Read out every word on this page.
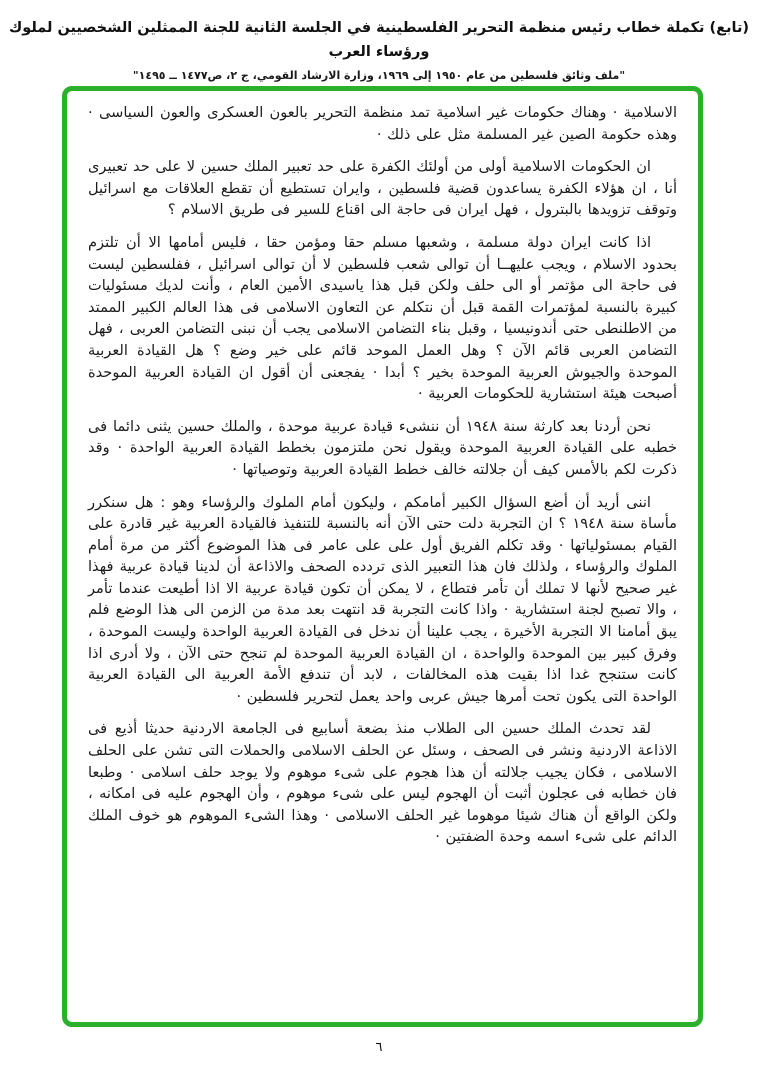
(تابع) تكملة خطاب رئيس منظمة التحرير الفلسطينية في الجلسة الثانية للجنة الممثلين الشخصيين لملوك ورؤساء العرب
"ملف وثائق فلسطين من عام ١٩٥٠ إلى ١٩٦٩، وزارة الارشاد القومي، ج ٢، ص١٤٧٧ ــ ١٤٩٥"

الاسلامية · وهناك حكومات غير اسلامية تمد منظمة التحرير بالعون العسكرى والعون السياسى · وهذه حكومة الصين غير المسلمة مثل على ذلك ·

ان الحكومات الاسلامية أولى من أولئك الكفرة على حد تعبير الملك حسين لا على حد تعبيرى أنا ، ان هؤلاء الكفرة يساعدون قضية فلسطين ، وايران تستطيع أن تقطع العلاقات مع اسرائيل وتوقف تزويدها بالبترول ، فهل ايران فى حاجة الى اقناع للسير فى طريق الاسلام ؟

اذا كانت ايران دولة مسلمة ، وشعبها مسلم حقا ومؤمن حقا ، فليس أمامها الا أن تلتزم بحدود الاسلام ، ويجب عليهــا أن توالى شعب فلسطين لا أن توالى اسرائيل ، ففلسطين ليست فى حاجة الى مؤتمر أو الى حلف ولكن قبل هذا ياسيدى الأمين العام ، وأنت لديك مسئوليات كبيرة بالنسبة لمؤتمرات القمة قبل أن نتكلم عن التعاون الاسلامى فى هذا العالم الكبير الممتد من الاطلنطى حتى أندونيسيا ، وقبل بناء التضامن الاسلامى يجب أن نبنى التضامن العربى ، فهل التضامن العربى قائم الآن ؟ وهل العمل الموحد قائم على خير وضع ؟ هل القيادة العربية الموحدة والجيوش العربية الموحدة بخير ؟ أبدا · يفجعنى أن أقول ان القيادة العربية الموحدة أصبحت هيئة استشارية للحكومات العربية ·

نحن أردنا بعد كارثة سنة ١٩٤٨ أن ننشىء قيادة عربية موحدة ، والملك حسين يثنى دائما فى خطبه على القيادة العربية الموحدة ويقول نحن ملتزمون بخطط القيادة العربية الواحدة · وقد ذكرت لكم بالأمس كيف أن جلالته خالف خطط القيادة العربية وتوصياتها ·

اننى أريد أن أضع السؤال الكبير أمامكم ، وليكون أمام الملوك والرؤساء وهو : هل سنكرر مأساة سنة ١٩٤٨ ؟ ان التجربة دلت حتى الآن أنه بالنسبة للتنفيذ فالقيادة العربية غير قادرة على القيام بمسئولياتها · وقد تكلم الفريق أول على على عامر فى هذا الموضوع أكثر من مرة أمام الملوك والرؤساء ، ولذلك فان هذا التعبير الذى تردده الصحف والاذاعة أن لدينا قيادة عربية فهذا غير صحيح لأنها لا تملك أن تأمر فتطاع ، لا يمكن أن تكون قيادة عربية الا اذا أطيعت عندما تأمر ، والا تصبح لجنة استشارية · واذا كانت التجربة قد انتهت بعد مدة من الزمن الى هذا الوضع فلم يبق أمامنا الا التجربة الأخيرة ، يجب علينا أن ندخل فى القيادة العربية الواحدة وليست الموحدة ، وفرق كبير بين الموحدة والواحدة ، ان القيادة العربية الموحدة لم تنجح حتى الآن ، ولا أدرى اذا كانت ستنجح غدا اذا بقيت هذه المخالفات ، لابد أن تندفع الأمة العربية الى القيادة العربية الواحدة التى يكون تحت أمرها جيش عربى واحد يعمل لتحرير فلسطين ·

لقد تحدث الملك حسين الى الطلاب منذ بضعة أسابيع فى الجامعة الاردنية حديثا أذيع فى الاذاعة الاردنية ونشر فى الصحف ، وسئل عن الحلف الاسلامى والحملات التى تشن على الحلف الاسلامى ، فكان يجيب جلالته أن هذا هجوم على شىء موهوم ولا يوجد حلف اسلامى · وطبعا فان خطابه فى عجلون أثبت أن الهجوم ليس على شىء موهوم ، وأن الهجوم عليه فى امكانه ، ولكن الواقع أن هناك شيئا موهوما غير الحلف الاسلامى · وهذا الشىء الموهوم هو خوف الملك الدائم على شىء اسمه وحدة الضفتين ·

٦
